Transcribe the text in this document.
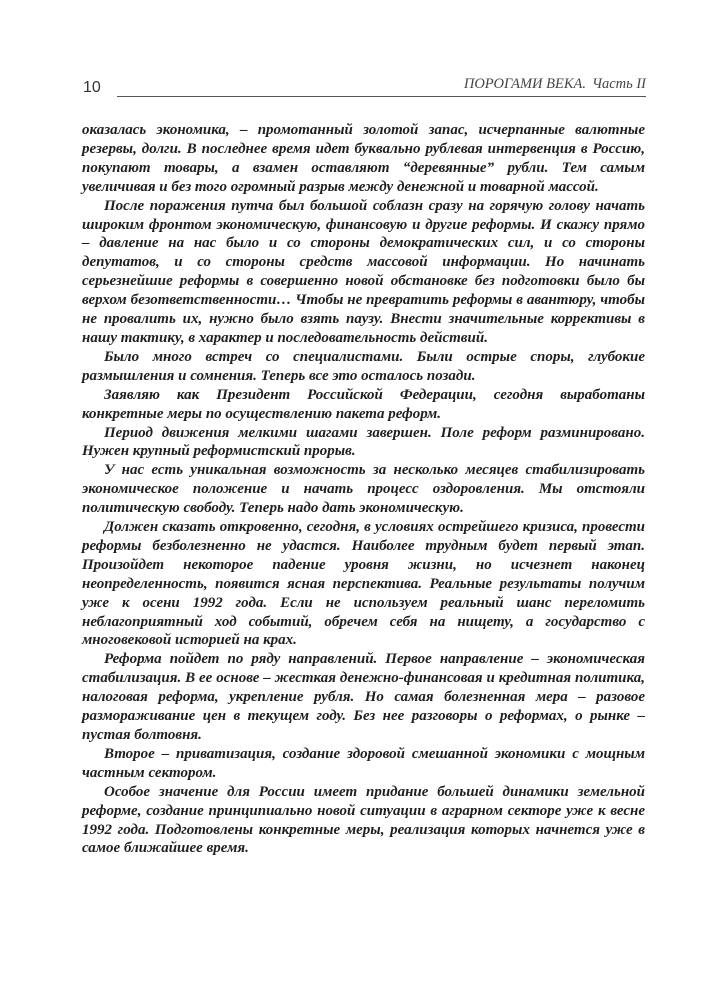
10	ПОРОГАМИ ВЕКА. Часть II

оказалась экономика, – промотанный золотой запас, исчерпанные валютные резервы, долги. В последнее время идет буквально рублевая интервенция в Россию, покупают товары, а взамен оставляют “деревянные” рубли. Тем самым увеличивая и без того огромный разрыв между денежной и товарной массой.

После поражения путча был большой соблазн сразу на горячую голову начать широким фронтом экономическую, финансовую и другие реформы. И скажу прямо – давление на нас было и со стороны демократических сил, и со стороны депутатов, и со стороны средств массовой информации. Но начинать серьезнейшие реформы в совершенно новой обстановке без подготовки было бы верхом безответственности… Чтобы не превратить реформы в авантюру, чтобы не провалить их, нужно было взять паузу. Внести значительные коррективы в нашу тактику, в характер и последовательность действий.

Было много встреч со специалистами. Были острые споры, глубокие размышления и сомнения. Теперь все это осталось позади.

Заявляю как Президент Российской Федерации, сегодня выработаны конкретные меры по осуществлению пакета реформ.

Период движения мелкими шагами завершен. Поле реформ разминировано. Нужен крупный реформистский прорыв.

У нас есть уникальная возможность за несколько месяцев стабилизировать экономическое положение и начать процесс оздоровления. Мы отстояли политическую свободу. Теперь надо дать экономическую.

Должен сказать откровенно, сегодня, в условиях острейшего кризиса, провести реформы безболезненно не удастся. Наиболее трудным будет первый этап. Произойдет некоторое падение уровня жизни, но исчезнет наконец неопределенность, появится ясная перспектива. Реальные результаты получим уже к осени 1992 года. Если не используем реальный шанс переломить неблагоприятный ход событий, обречем себя на нищету, а государство с многовековой историей на крах.

Реформа пойдет по ряду направлений. Первое направление – экономическая стабилизация. В ее основе – жесткая денежно-финансовая и кредитная политика, налоговая реформа, укрепление рубля. Но самая болезненная мера – разовое размораживание цен в текущем году. Без нее разговоры о реформах, о рынке – пустая болтовня.

Второе – приватизация, создание здоровой смешанной экономики с мощным частным сектором.

Особое значение для России имеет придание большей динамики земельной реформе, создание принципиально новой ситуации в аграрном секторе уже к весне 1992 года. Подготовлены конкретные меры, реализация которых начнется уже в самое ближайшее время.
